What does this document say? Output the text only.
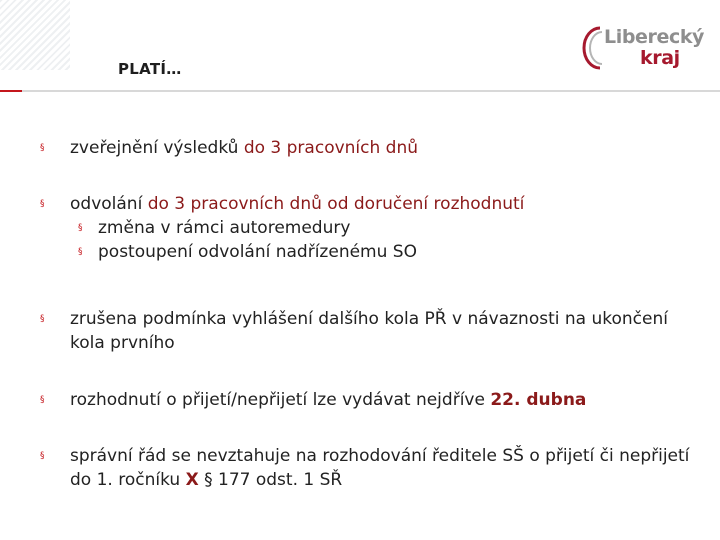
PLATÍ…
Liberecký
kraj
§ zveřejnění výsledků do 3 pracovních dnů
§ odvolání do 3 pracovních dnů od doručení rozhodnutí
§ změna v rámci autoremedury
§ postoupení odvolání nadřízenému SO
§ zrušena podmínka vyhlášení dalšího kola PŘ v návaznosti na ukončení kola prvního
§ rozhodnutí o přijetí/nepřijetí lze vydávat nejdříve 22. dubna
§ správní řád se nevztahuje na rozhodování ředitele SŠ o přijetí či nepřijetí do 1. ročníku X § 177 odst. 1 SŘ
